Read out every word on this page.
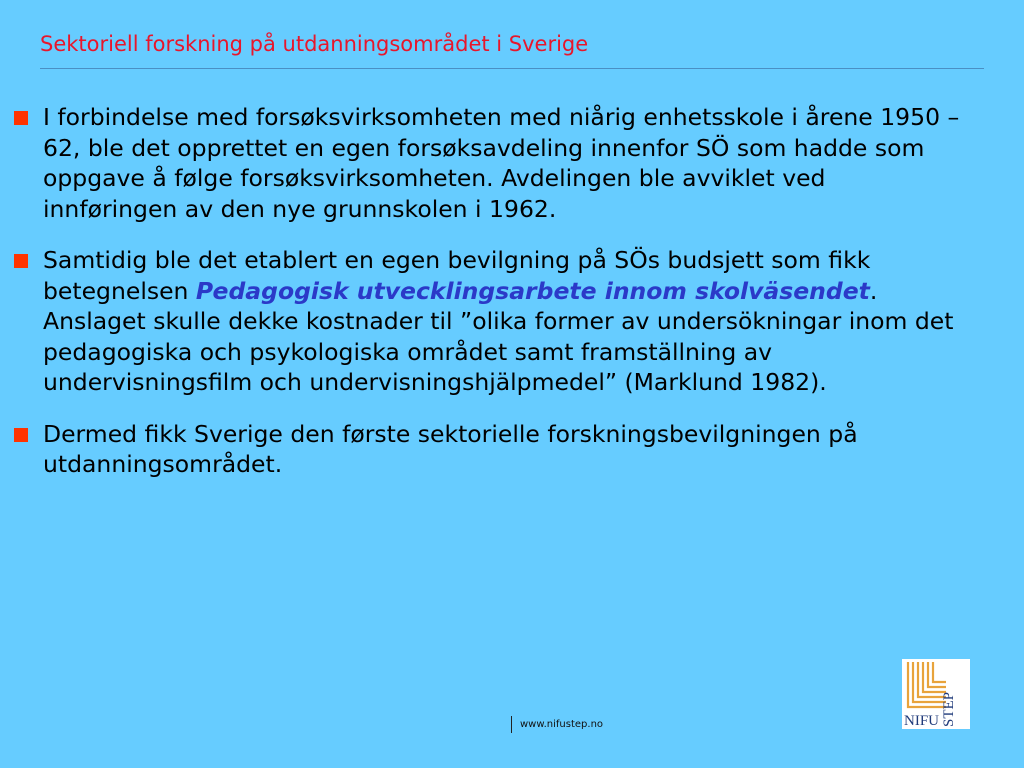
Sektoriell forskning på utdanningsområdet i Sverige
I forbindelse med forsøksvirksomheten med niårig enhetsskole i årene 1950 – 62, ble det opprettet en egen forsøksavdeling innenfor SÖ som hadde som oppgave å følge forsøksvirksomheten. Avdelingen ble avviklet ved innføringen av den nye grunnskolen i 1962.
Samtidig ble det etablert en egen bevilgning på SÖs budsjett som fikk betegnelsen Pedagogisk utvecklingsarbete innom skolväsendet. Anslaget skulle dekke kostnader til ”olika former av undersökningar inom det pedagogiska och psykologiska området samt framställning av undervisningsfilm och undervisningshjälpmedel” (Marklund 1982).
Dermed fikk Sverige den første sektorielle forskningsbevilgningen på utdanningsområdet.
www.nifustep.no	NIFU STEP
